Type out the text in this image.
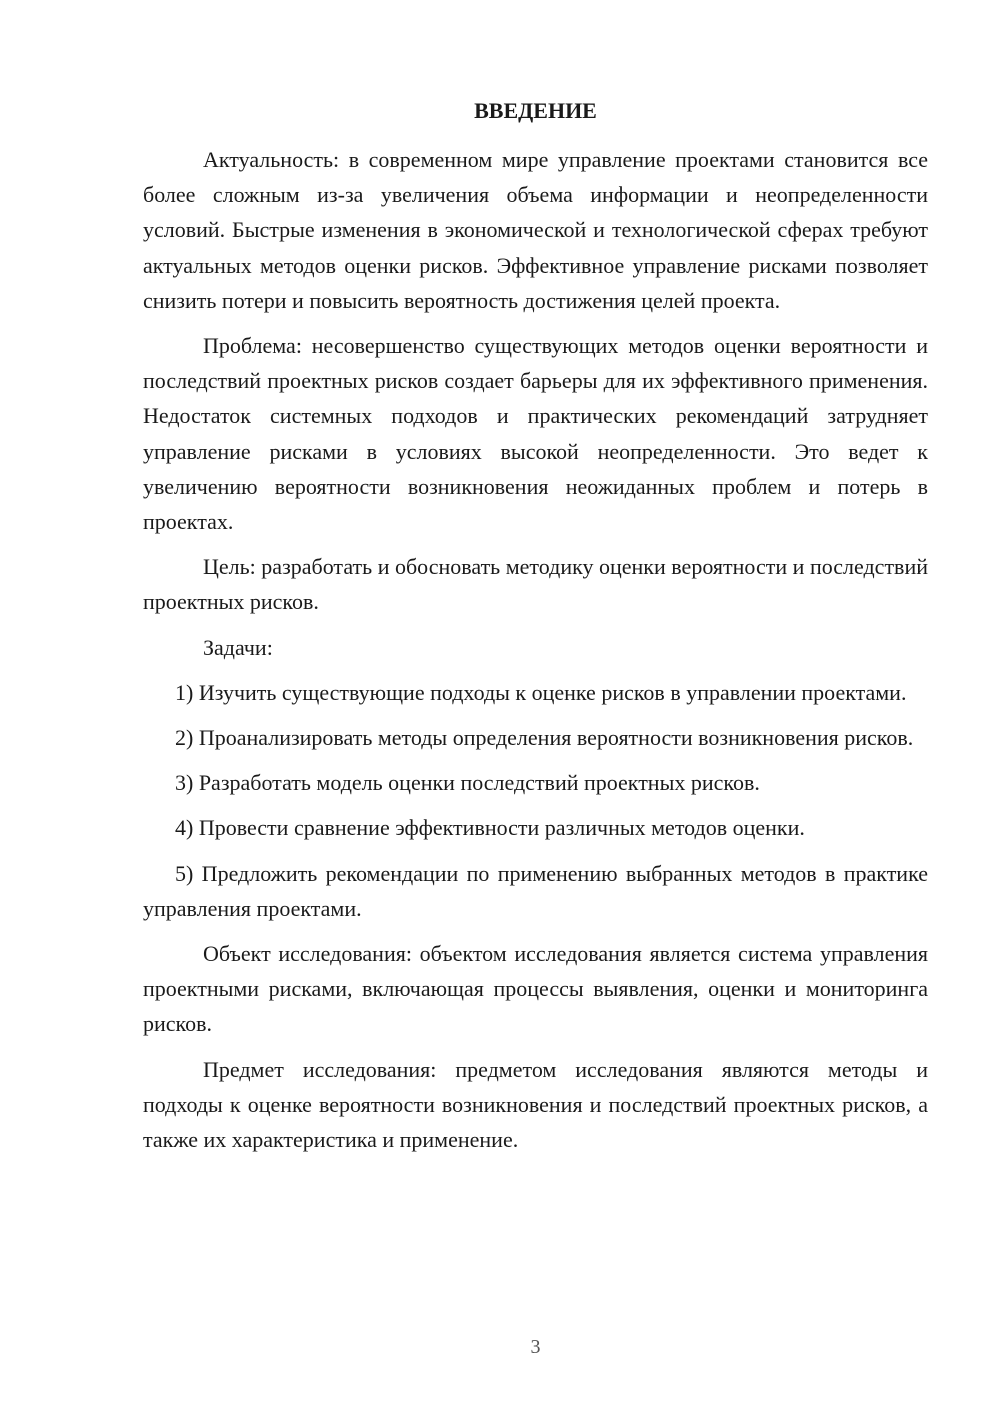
ВВЕДЕНИЕ

Актуальность: в современном мире управление проектами становится все более сложным из-за увеличения объема информации и неопределенности условий. Быстрые изменения в экономической и технологической сферах требуют актуальных методов оценки рисков. Эффективное управление рисками позволяет снизить потери и повысить вероятность достижения целей проекта.

Проблема: несовершенство существующих методов оценки вероятности и последствий проектных рисков создает барьеры для их эффективного применения. Недостаток системных подходов и практических рекомендаций затрудняет управление рисками в условиях высокой неопределенности. Это ведет к увеличению вероятности возникновения неожиданных проблем и потерь в проектах.

Цель: разработать и обосновать методику оценки вероятности и последствий проектных рисков.

Задачи:

1) Изучить существующие подходы к оценке рисков в управлении проектами.

2) Проанализировать методы определения вероятности возникновения рисков.

3) Разработать модель оценки последствий проектных рисков.

4) Провести сравнение эффективности различных методов оценки.

5) Предложить рекомендации по применению выбранных методов в практике управления проектами.

Объект исследования: объектом исследования является система управления проектными рисками, включающая процессы выявления, оценки и мониторинга рисков.

Предмет исследования: предметом исследования являются методы и подходы к оценке вероятности возникновения и последствий проектных рисков, а также их характеристика и применение.

3
